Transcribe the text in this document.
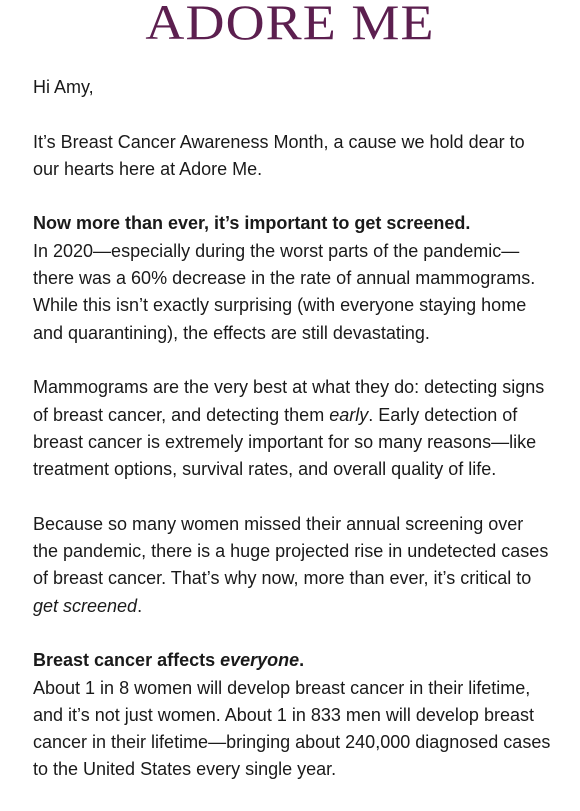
ADORE ME

Hi Amy,

It’s Breast Cancer Awareness Month, a cause we hold dear to our hearts here at Adore Me.

Now more than ever, it’s important to get screened.

In 2020—especially during the worst parts of the pandemic—there was a 60% decrease in the rate of annual mammograms. While this isn’t exactly surprising (with everyone staying home and quarantining), the effects are still devastating.

Mammograms are the very best at what they do: detecting signs of breast cancer, and detecting them early. Early detection of breast cancer is extremely important for so many reasons—like treatment options, survival rates, and overall quality of life.

Because so many women missed their annual screening over the pandemic, there is a huge projected rise in undetected cases of breast cancer. That’s why now, more than ever, it’s critical to get screened.

Breast cancer affects everyone.

About 1 in 8 women will develop breast cancer in their lifetime, and it’s not just women. About 1 in 833 men will develop breast cancer in their lifetime—bringing about 240,000 diagnosed cases to the United States every single year.
